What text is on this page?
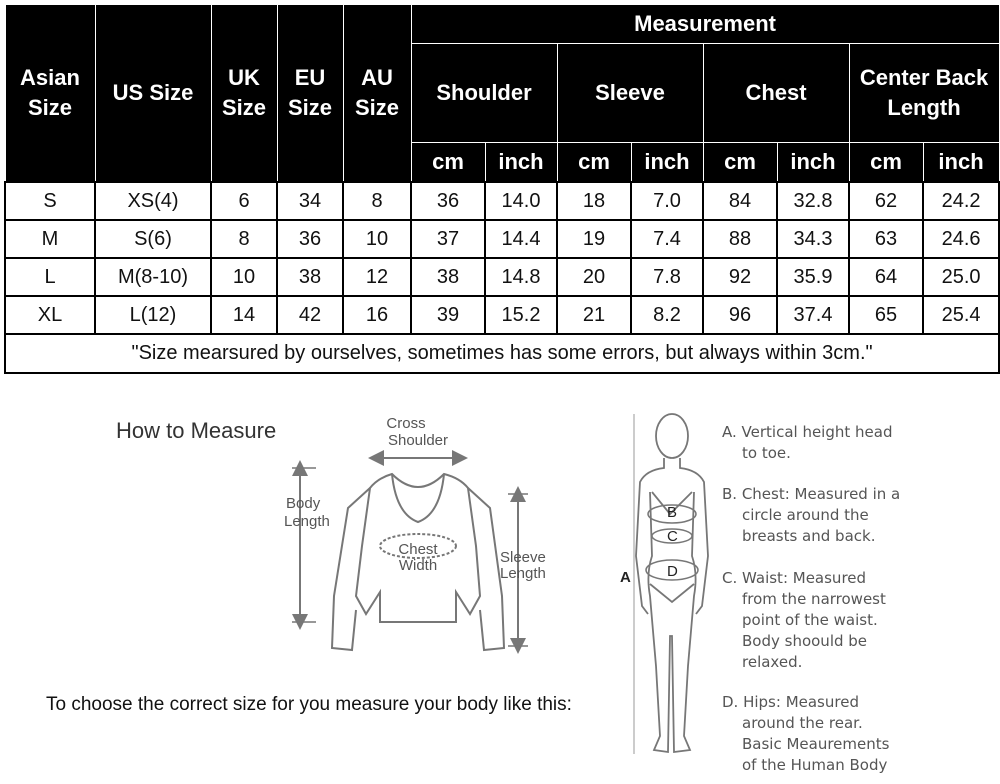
Asian Size	US Size	UK Size	EU Size	AU Size	Measurement							
					Shoulder		Sleeve		Chest		Center Back Length	
					cm	inch	cm	inch	cm	inch	cm	inch
S	XS(4)	6	34	8	36	14.0	18	7.0	84	32.8	62	24.2
M	S(6)	8	36	10	37	14.4	19	7.4	88	34.3	63	24.6
L	M(8-10)	10	38	12	38	14.8	20	7.8	92	35.9	64	25.0
XL	L(12)	14	42	16	39	15.2	21	8.2	96	37.4	65	25.4
"Size mearsured by ourselves, sometimes has some errors, but always within 3cm."												
How to Measure
To choose the correct size for you measure your body like this:
Cross
Shoulder
Body
Length
Chest
Width	Sleeve
Length
B
C
D
A
A. Vertical height head

to toe.
B. Chest: Measured in a

circle around the
breasts and back.
C. Waist: Measured

from the narrowest
point of the waist.
Body shoould be
relaxed.
D. Hips: Measured

around the rear.
Basic Meaurements
of the Human Body
